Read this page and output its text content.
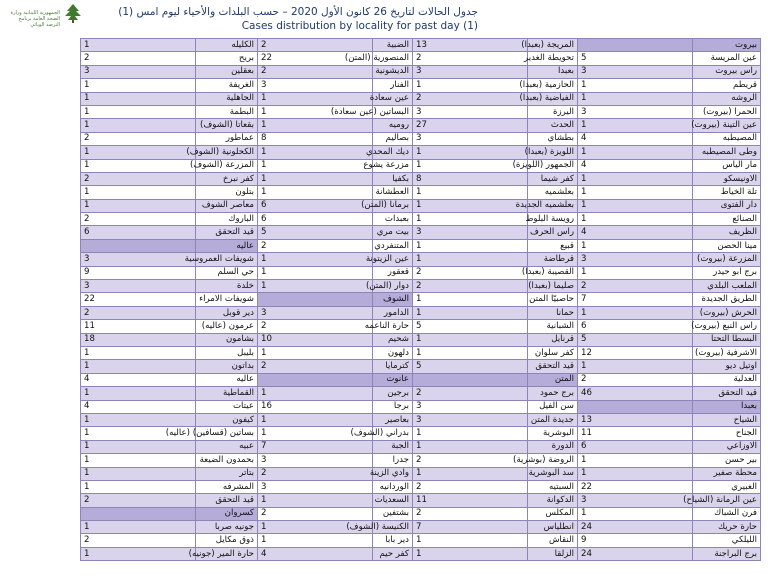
الجمهورية اللبنانية وزارة الصحة العامة برنامج الترصد الوبائي
جدول الحالات لتاريخ 26 كانون الأول 2020 – حسب البلدات والأحياء ليوم امس (1)
Cases distribution by locality for past day (1)
1	الكليله	2	الضبية	13	المريجة (بعبدا)		بيروت
2	بريح	22	المنصورية (المتن)	2	تحويطة الغدير	5	عين المريسة
3	بعقلين	2	الديشونية	3	بعبدا	3	راس بيروت
1	الغريفة	3	الفنار	1	الحازمية (بعبدا)	1	قريطم
1	الجاهلية	1	عين سعادة	2	الفياضية (بعبدا)	1	الروشه
1	البطمة	1	البساتين (عين سعادة)	3	اليرزة	3	الحمرا (بيروت)
1	بقعاتا (الشوف)	1	روميه	27	الحدث	1	عين التينة (بيروت)
2	عماطور	8	بصاليم	3	بطشاي	4	المصيطبه
1	الكحلونية (الشوف)	1	ديك المحدي	1	اللويزة (بعبدا)	1	وطى المصيطبه
1	المزرعة (الشوف)	1	مزرعة يشوع	1	الجمهور (اللويزة)	4	مار الياس
2	كفر نبرخ	1	بكفيا	8	كفر شيما	1	الاونيسكو
1	بتلون	1	العطشانة	1	بعلشميه	1	تلة الخياط
1	معاصر الشوف	6	برمانا (المتن)	1	بعلشميه الجديدة	1	دار الفتوى
2	الباروك	6	بعبدات	1	رويسة البلوط	1	الصنائع
6	قيد التحقق	5	بيت مري	3	راس الحرف	4	الظريف
	عاليه	2	المتنفردي	1	قبيع	1	مينا الحصن
3	شويفات العمروسية	1	عين الزيتونة	1	قرطاضة	3	المزرعة (بيروت)
9	حي السلم	1	قعقور	2	القصيبة (بعبدا)	1	برج ابو حيدر
3	خلدة	1	دوار (المتن)	2	صليما (بعبدا)	2	الملعب البلدي
22	شويفات الامراء		الشوف	1	حاصبيّا المتن	7	الطريق الجديدة
2	دير قوبل	3	الدامور	1	حمانا	1	الحرش (بيروت)
11	عرمون (عاليه)	2	حارة الناعمه	5	الشبانية	6	راس النبع (بيروت)
18	بشامون	10	شحيم	1	قرنايل	5	البسطا التحتا
1	بليبل	1	دلهون	1	كفر سلوان	12	الاشرفية (بيروت)
1	بداتون	2	كترمايا	5	قيد التحقق	1	اوتيل ديو
4	عاليه		عانوت		المتن	2	العدلية
1	القماطية	1	برجين	2	برج حمود	46	قيد التحقق
4	عيتات	16	برجا	3	سن الفيل		بعبدا
1	كيفون	1	بعاصير	3	جديدة المتن	13	الشياح
1	بساتين (قسافين) (عاليه)	1	بدراني (الشوف)	1	البوشرية	11	الجناح
1	عبيه	7	الجبة	1	الدورة	6	الاوزاعي
1	بحمدون الضيعة	3	جدرا	2	الروضة (بوشرية)	1	بير حسن
1	بتاتر	2	وادي الزينة	1	سد البوشرية	1	محطة صفير
1	المشرفه	3	الوردانيه	2	السبتيه	22	الغبيري
2	قيد التحقق	1	السعديات	11	الدكوانة	3	عين الرمانة (الشياح)
	كسروان	2	بشتفين	2	المكلس	1	فرن الشباك
1	جونيه صربا	1	الكنيسة (الشوف)	7	انطلياس	24	حارة حريك
2	ذوق مكايل	1	دير بابا	1	النقاش	9	الليلكي
1	حارة المير (جونيه)	4	كفر حيم	1	الزلقا	24	برج البراجنة
